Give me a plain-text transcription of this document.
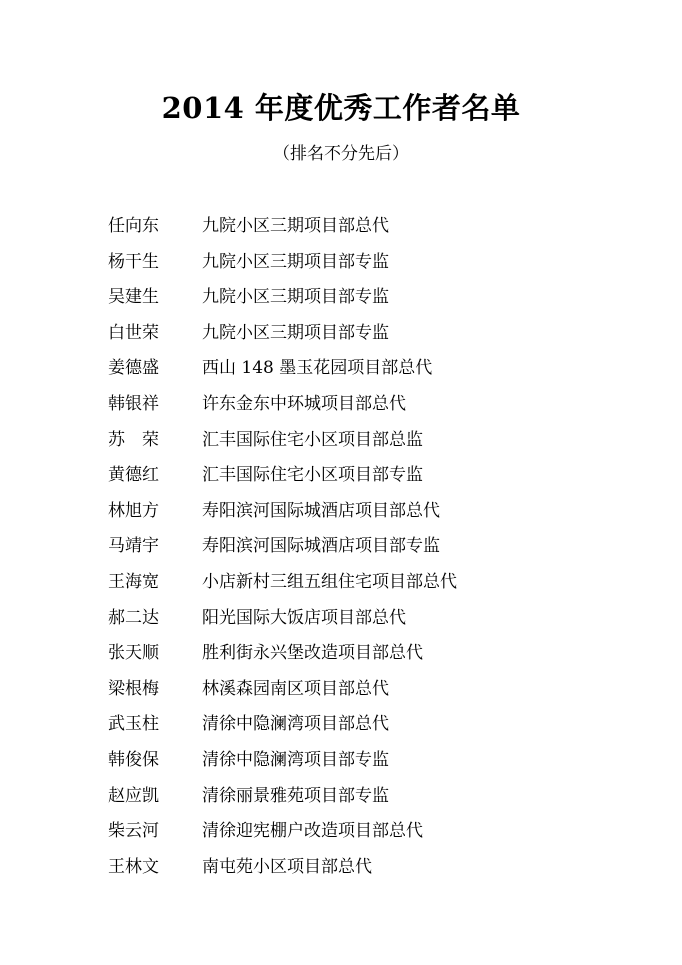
2014 年度优秀工作者名单
（排名不分先后）
任向东	九院小区三期项目部总代
杨干生	九院小区三期项目部专监
吴建生	九院小区三期项目部专监
白世荣	九院小区三期项目部专监
姜德盛	西山 148 墨玉花园项目部总代
韩银祥	许东金东中环城项目部总代
苏　荣	汇丰国际住宅小区项目部总监
黄德红	汇丰国际住宅小区项目部专监
林旭方	寿阳滨河国际城酒店项目部总代
马靖宇	寿阳滨河国际城酒店项目部专监
王海宽	小店新村三组五组住宅项目部总代
郝二达	阳光国际大饭店项目部总代
张天顺	胜利街永兴堡改造项目部总代
梁根梅	林溪森园南区项目部总代
武玉柱	清徐中隐澜湾项目部总代
韩俊保	清徐中隐澜湾项目部专监
赵应凯	清徐丽景雅苑项目部专监
柴云河	清徐迎宪棚户改造项目部总代
王林文	南屯苑小区项目部总代
